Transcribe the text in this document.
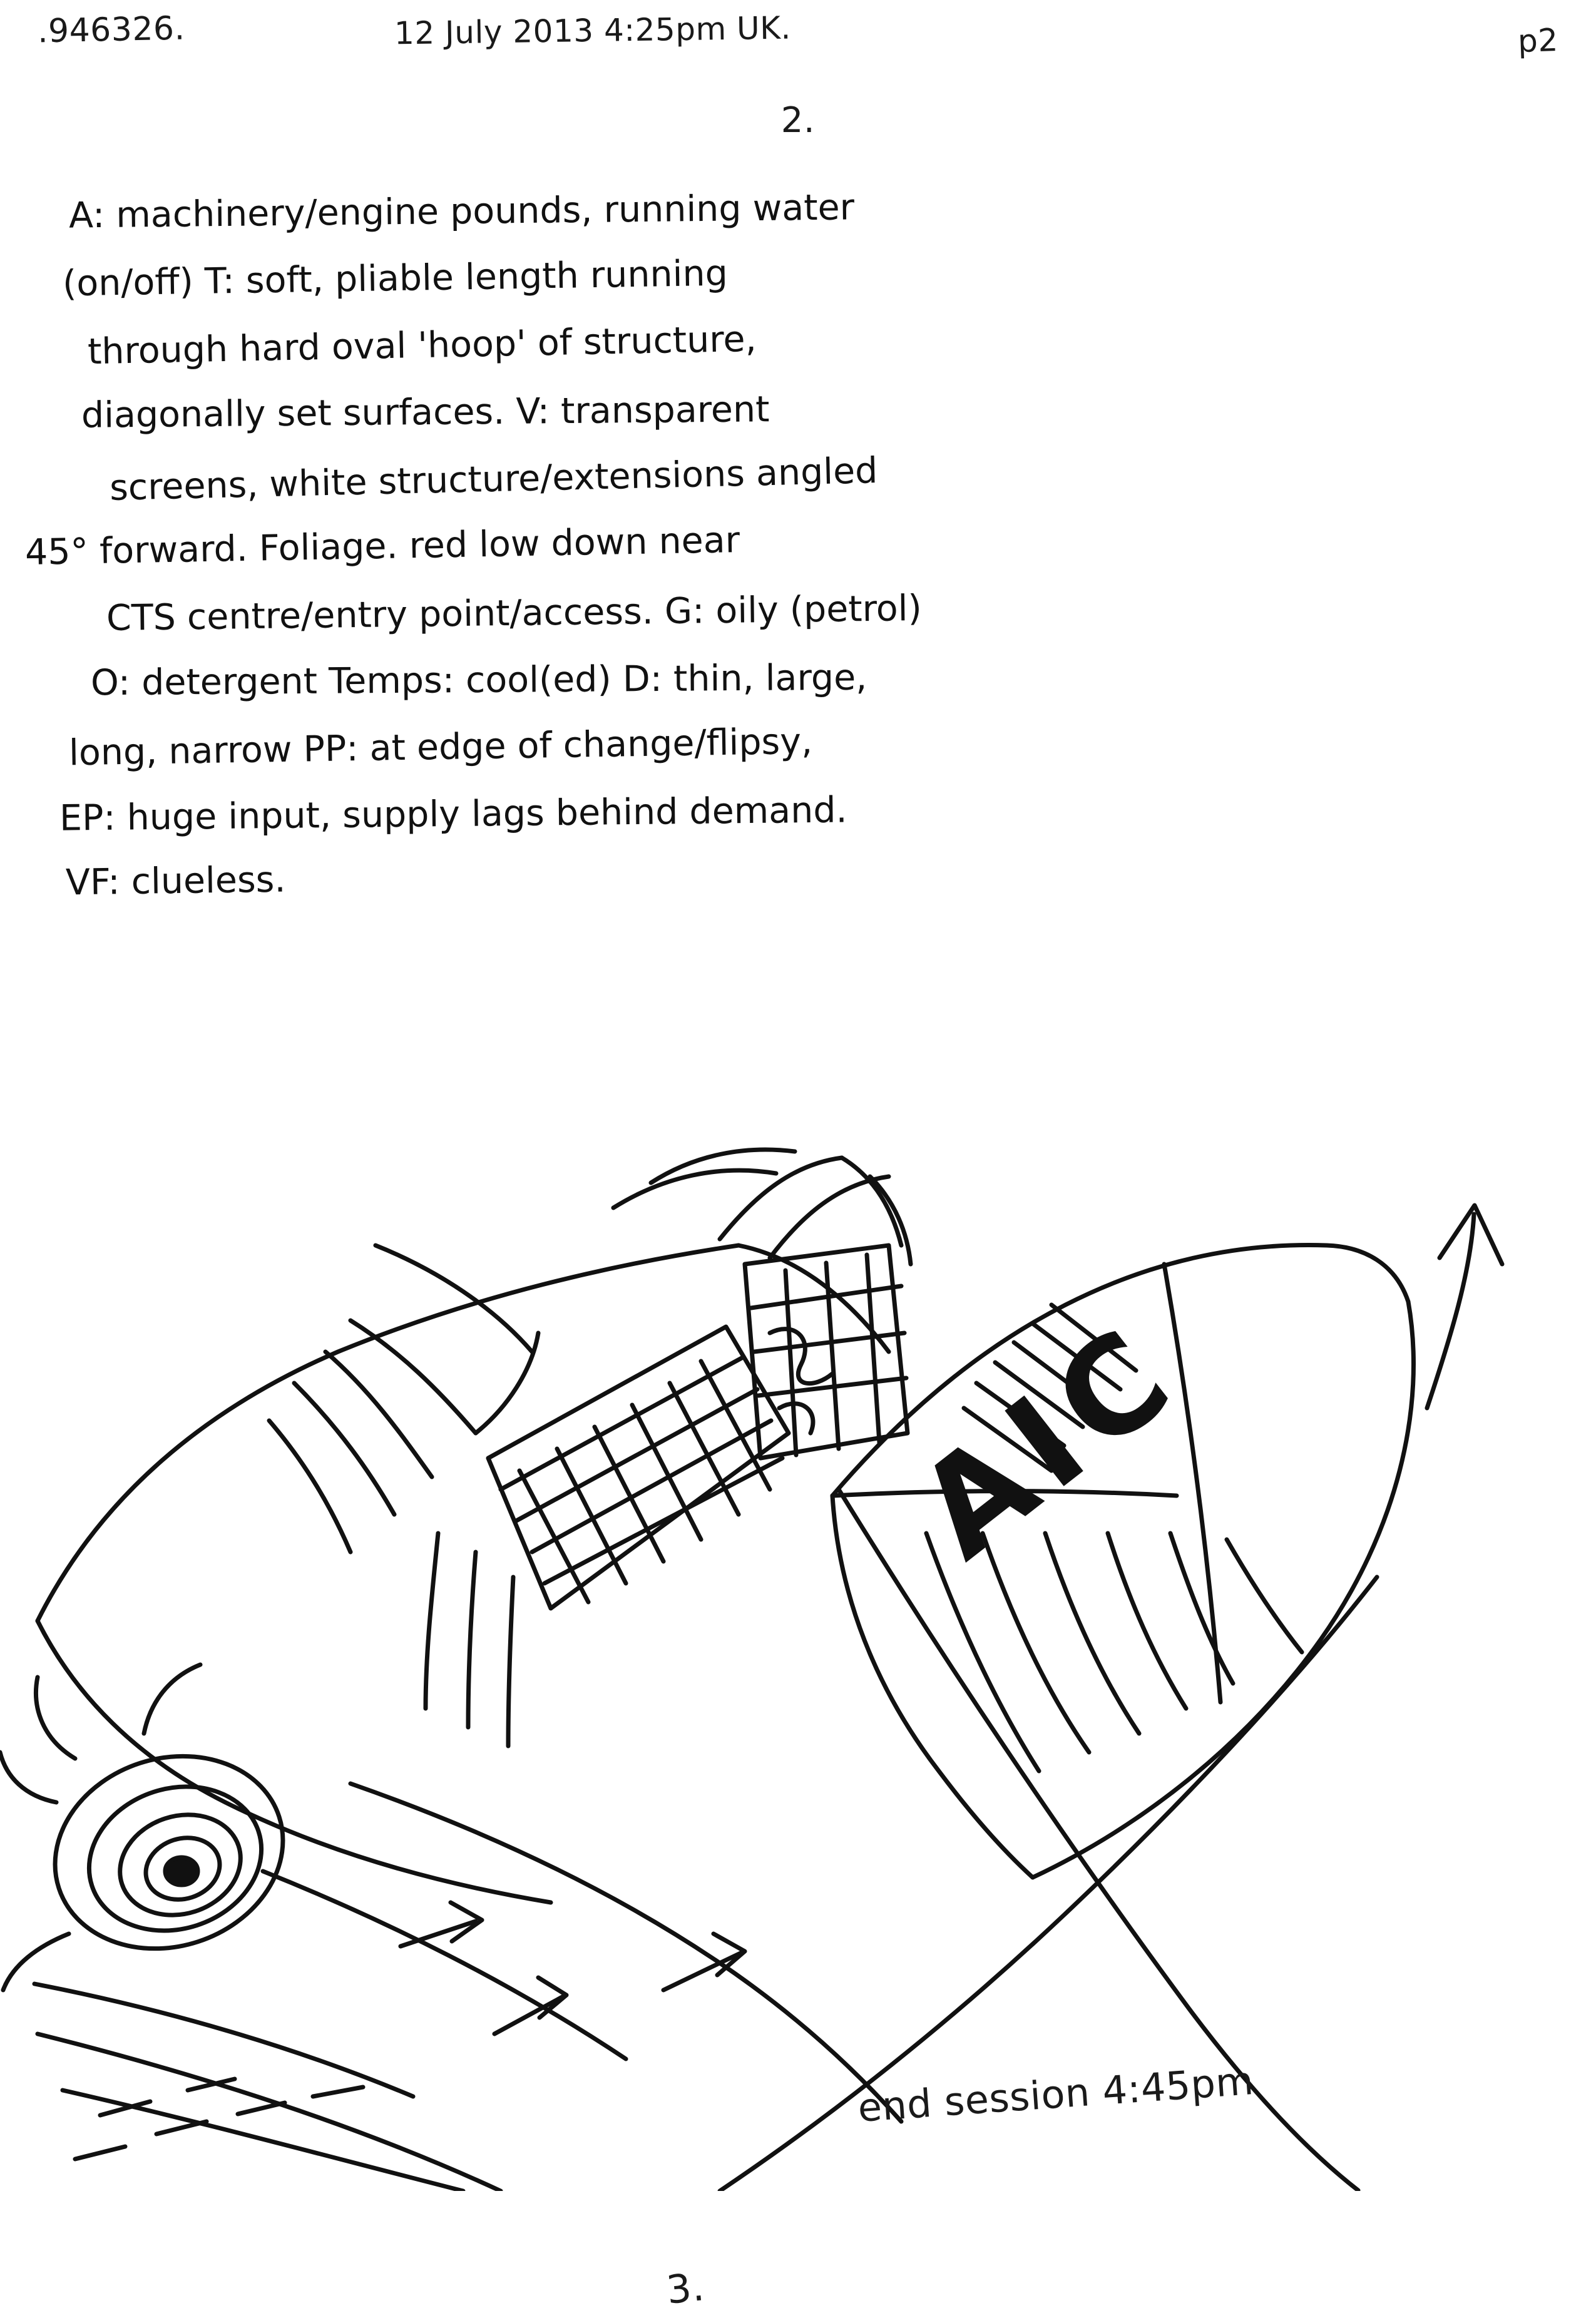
.946326.	12 July 2013 4:25pm UK.	p2
2.
A: machinery/engine pounds, running water
(on/off) T: soft, pliable length running
through hard oval 'hoop' of structure,
diagonally set surfaces. V: transparent
screens, white structure/extensions angled
45° forward. Foliage. red low down near
CTS centre/entry point/access. G: oily (petrol)
O: detergent Temps: cool(ed) D: thin, large,
long, narrow PP: at edge of change/flipsy,
EP: huge input, supply lags behind demand.
VF: clueless.
3.
AIC
end session 4:45pm
